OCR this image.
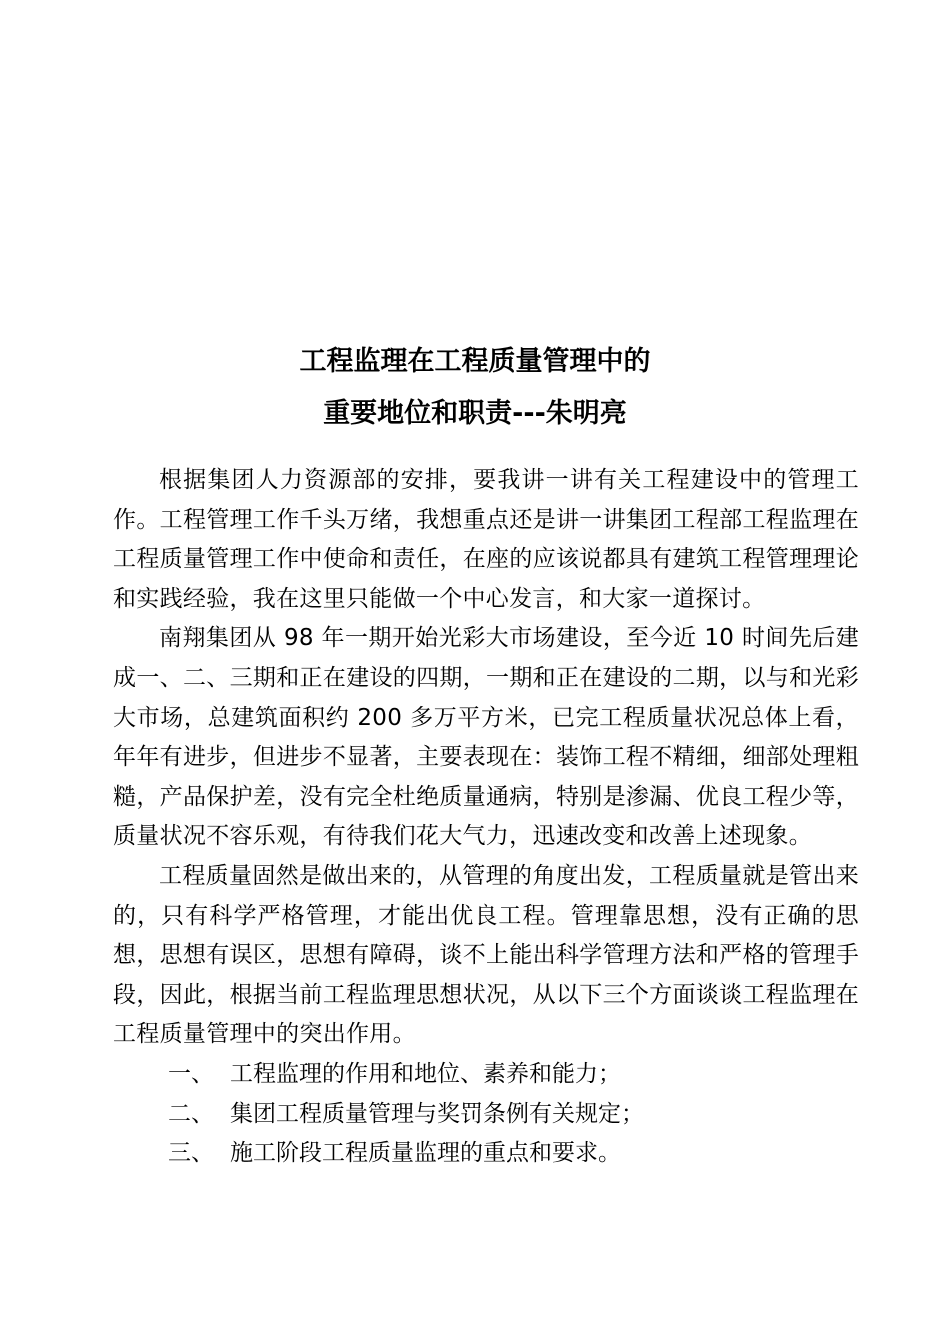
工程监理在工程质量管理中的
重要地位和职责---朱明亮

根据集团人力资源部的安排，要我讲一讲有关工程建设中的管理工作。工程管理工作千头万绪，我想重点还是讲一讲集团工程部工程监理在工程质量管理工作中使命和责任，在座的应该说都具有建筑工程管理理论和实践经验，我在这里只能做一个中心发言，和大家一道探讨。

南翔集团从 98 年一期开始光彩大市场建设，至今近 10 时间先后建成一、二、三期和正在建设的四期，一期和正在建设的二期，以与和光彩大市场，总建筑面积约 200 多万平方米，已完工程质量状况总体上看，年年有进步，但进步不显著，主要表现在：装饰工程不精细，细部处理粗糙，产品保护差，没有完全杜绝质量通病，特别是渗漏、优良工程少等，质量状况不容乐观，有待我们花大气力，迅速改变和改善上述现象。

工程质量固然是做出来的，从管理的角度出发，工程质量就是管出来的，只有科学严格管理，才能出优良工程。管理靠思想，没有正确的思想，思想有误区，思想有障碍，谈不上能出科学管理方法和严格的管理手段，因此，根据当前工程监理思想状况，从以下三个方面谈谈工程监理在工程质量管理中的突出作用。

一、 工程监理的作用和地位、素养和能力；
二、 集团工程质量管理与奖罚条例有关规定；
三、 施工阶段工程质量监理的重点和要求。
